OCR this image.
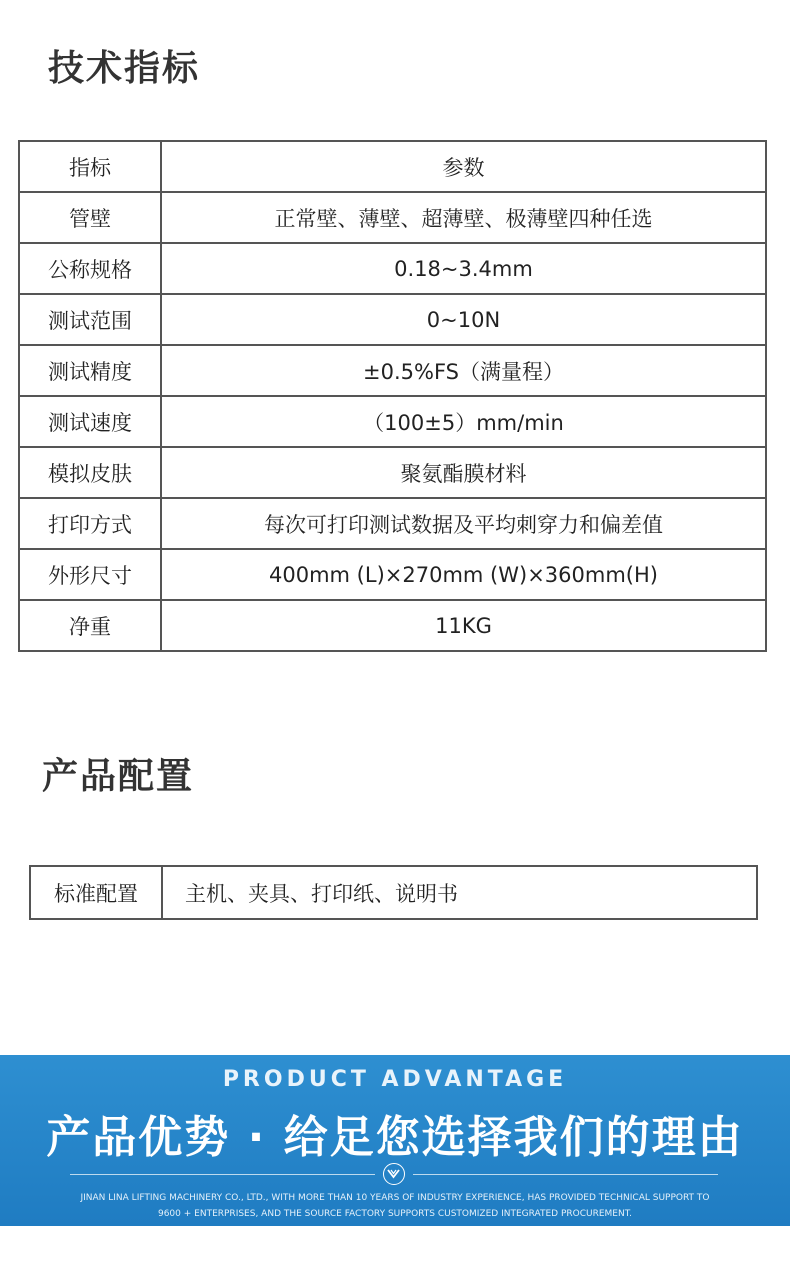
技术指标
指标	参数
管壁	正常壁、薄壁、超薄壁、极薄壁四种任选
公称规格	0.18~3.4mm
测试范围	0~10N
测试精度	±0.5%FS（满量程）
测试速度	（100±5）mm/min
模拟皮肤	聚氨酯膜材料
打印方式	每次可打印测试数据及平均刺穿力和偏差值
外形尺寸	400mm (L)×270mm (W)×360mm(H)
净重	11KG
产品配置
标准配置	主机、夹具、打印纸、说明书
PRODUCT ADVANTAGE
产品优势 · 给足您选择我们的理由
JINAN LINA LIFTING MACHINERY CO., LTD., WITH MORE THAN 10 YEARS OF INDUSTRY EXPERIENCE, HAS PROVIDED TECHNICAL SUPPORT TO
9600 + ENTERPRISES, AND THE SOURCE FACTORY SUPPORTS CUSTOMIZED INTEGRATED PROCUREMENT.
